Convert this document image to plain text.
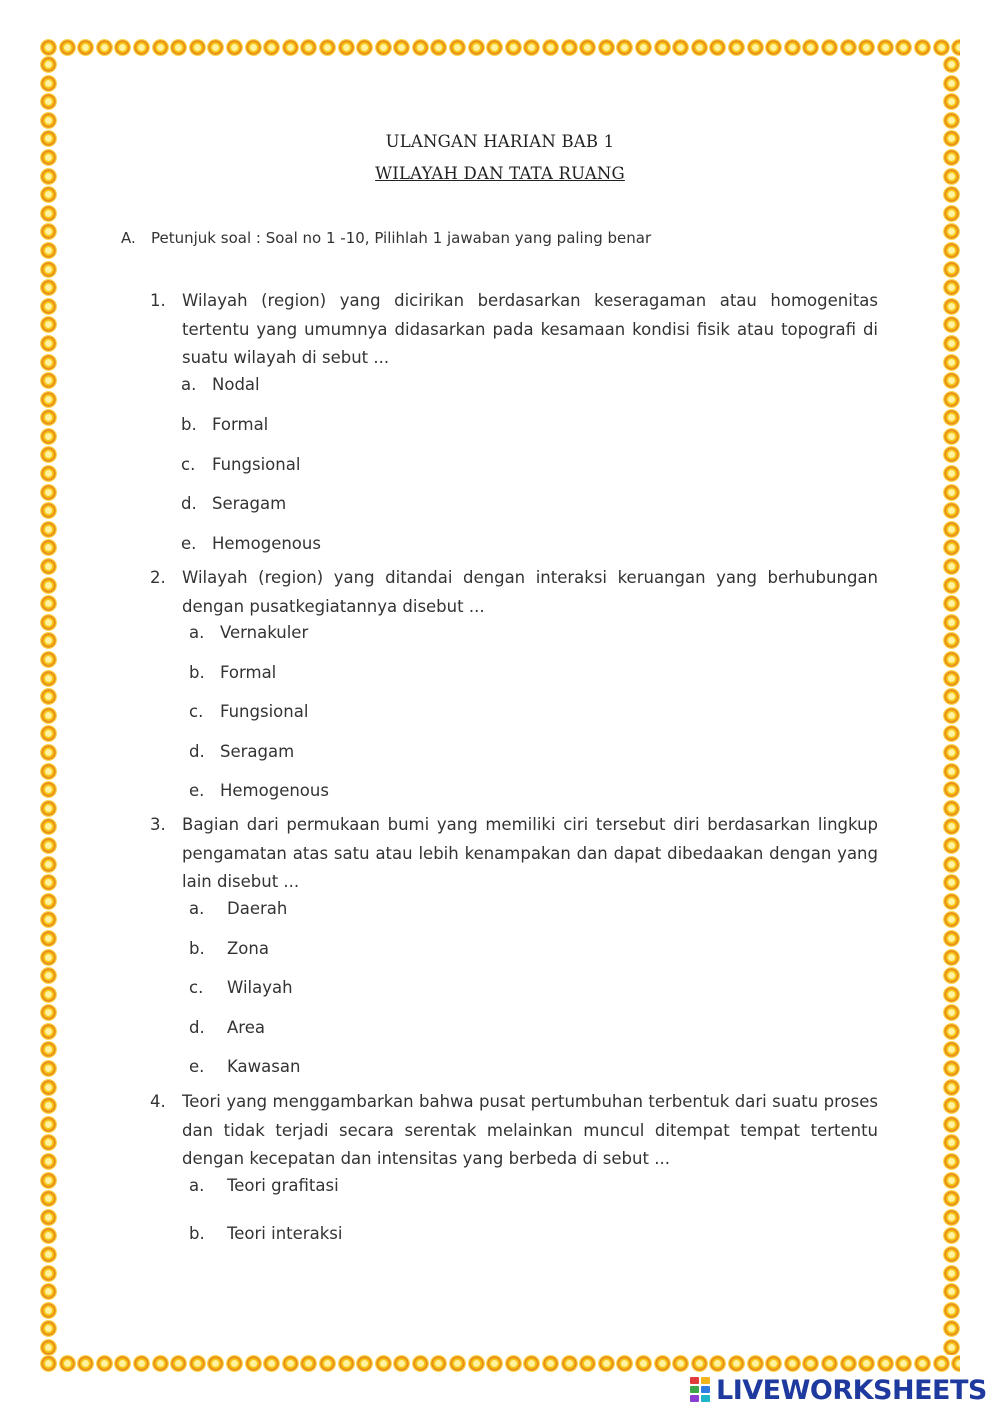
ULANGAN HARIAN BAB 1
WILAYAH DAN TATA RUANG
A. Petunjuk soal : Soal no 1 -10, Pilihlah 1 jawaban yang paling benar
1. Wilayah (region) yang dicirikan berdasarkan keseragaman atau homogenitas tertentu yang umumnya didasarkan pada kesamaan kondisi fisik atau topografi di suatu wilayah di sebut ...
a. Nodal
b. Formal
c. Fungsional
d. Seragam
e. Hemogenous
2. Wilayah (region) yang ditandai dengan interaksi keruangan yang berhubungan dengan pusatkegiatannya disebut ...
a. Vernakuler
b. Formal
c. Fungsional
d. Seragam
e. Hemogenous
3. Bagian dari permukaan bumi yang memiliki ciri tersebut diri berdasarkan lingkup pengamatan atas satu atau lebih kenampakan dan dapat dibedaakan dengan yang lain disebut ...
a. Daerah
b. Zona
c. Wilayah
d. Area
e. Kawasan
4. Teori yang menggambarkan bahwa pusat pertumbuhan terbentuk dari suatu proses dan tidak terjadi secara serentak melainkan muncul ditempat tempat tertentu dengan kecepatan dan intensitas yang berbeda di sebut ...
a. Teori grafitasi
b. Teori interaksi
LIVEWORKSHEETS
